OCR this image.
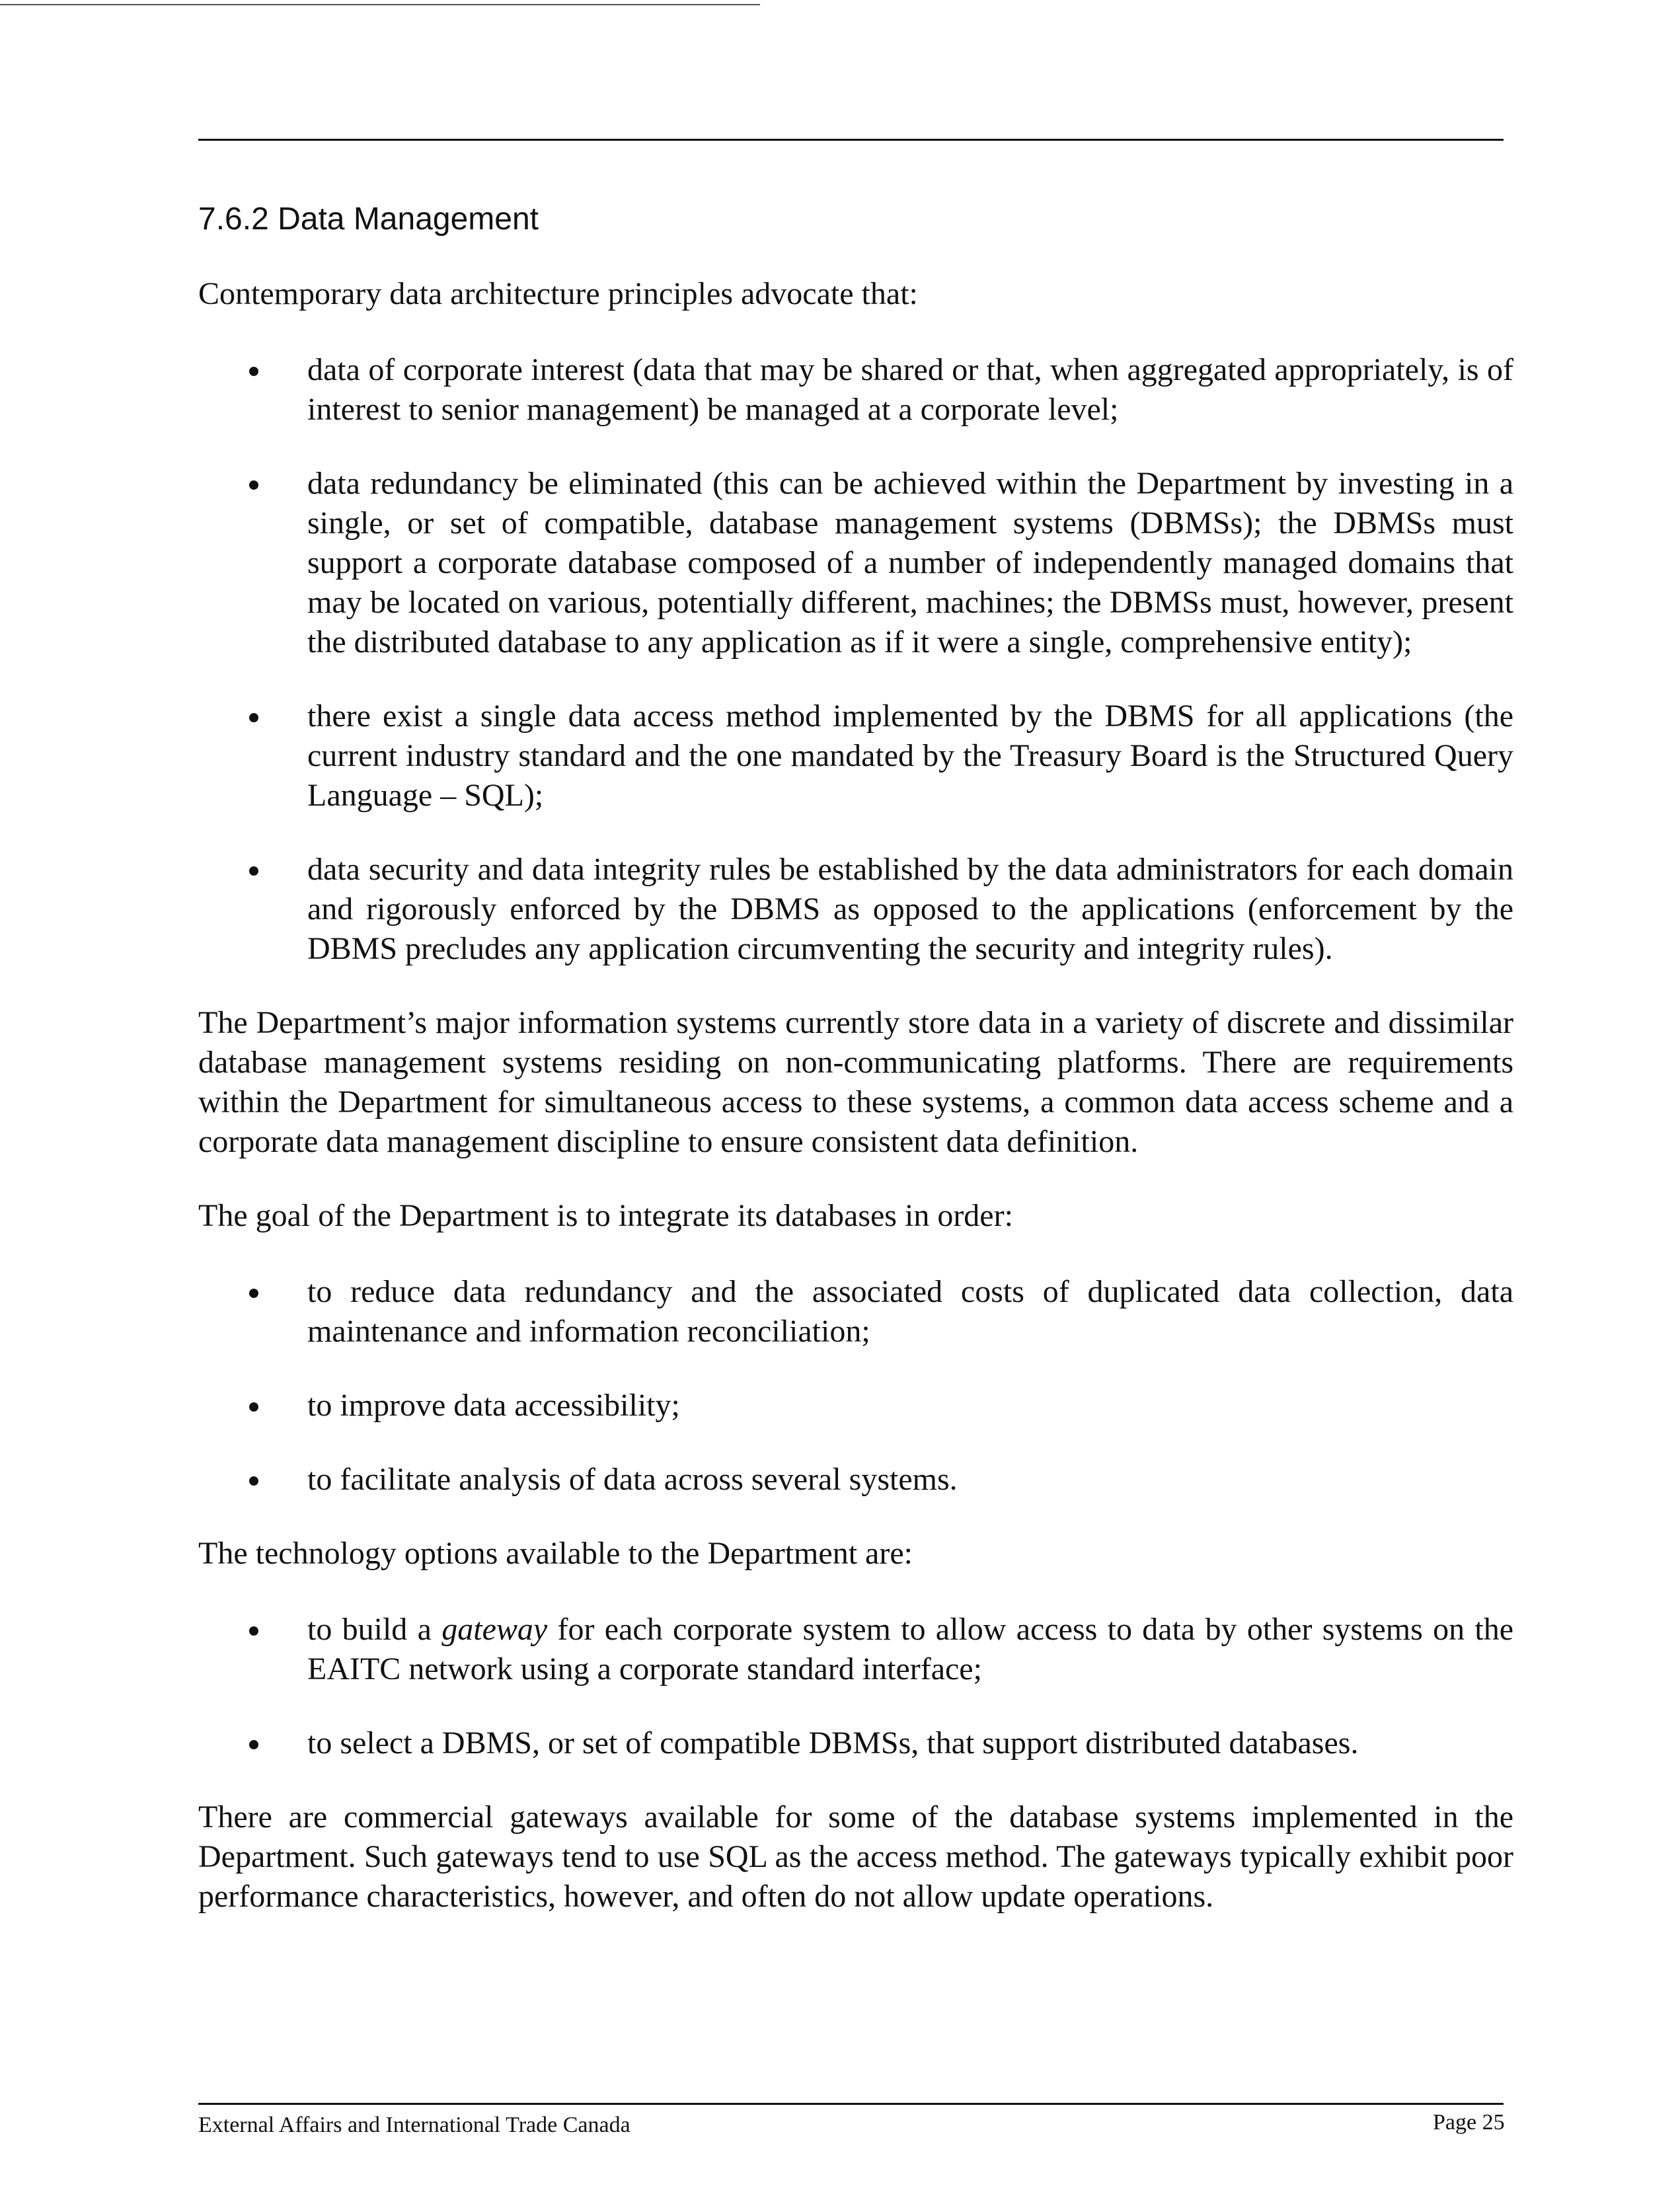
7.6.2 Data Management

Contemporary data architecture principles advocate that:

data of corporate interest (data that may be shared or that, when aggregated appropriately, is of interest to senior management) be managed at a corporate level;
data redundancy be eliminated (this can be achieved within the Department by investing in a single, or set of compatible, database management systems (DBMSs); the DBMSs must support a corporate database composed of a number of independently managed domains that may be located on various, potentially different, machines; the DBMSs must, however, present the distributed database to any application as if it were a single, comprehensive entity);
there exist a single data access method implemented by the DBMS for all applications (the current industry standard and the one mandated by the Treasury Board is the Structured Query Language – SQL);
data security and data integrity rules be established by the data administrators for each domain and rigorously enforced by the DBMS as opposed to the applications (enforcement by the DBMS precludes any application circumventing the security and integrity rules).

The Department’s major information systems currently store data in a variety of discrete and dissimilar database management systems residing on non-communicating platforms. There are requirements within the Department for simultaneous access to these systems, a common data access scheme and a corporate data management discipline to ensure consistent data definition.

The goal of the Department is to integrate its databases in order:

to reduce data redundancy and the associated costs of duplicated data collection, data maintenance and information reconciliation;
to improve data accessibility;
to facilitate analysis of data across several systems.

The technology options available to the Department are:

to build a gateway for each corporate system to allow access to data by other systems on the EAITC network using a corporate standard interface;
to select a DBMS, or set of compatible DBMSs, that support distributed databases.

There are commercial gateways available for some of the database systems implemented in the Department. Such gateways tend to use SQL as the access method. The gateways typically exhibit poor performance characteristics, however, and often do not allow update operations.

External Affairs and International Trade Canada	Page 25
